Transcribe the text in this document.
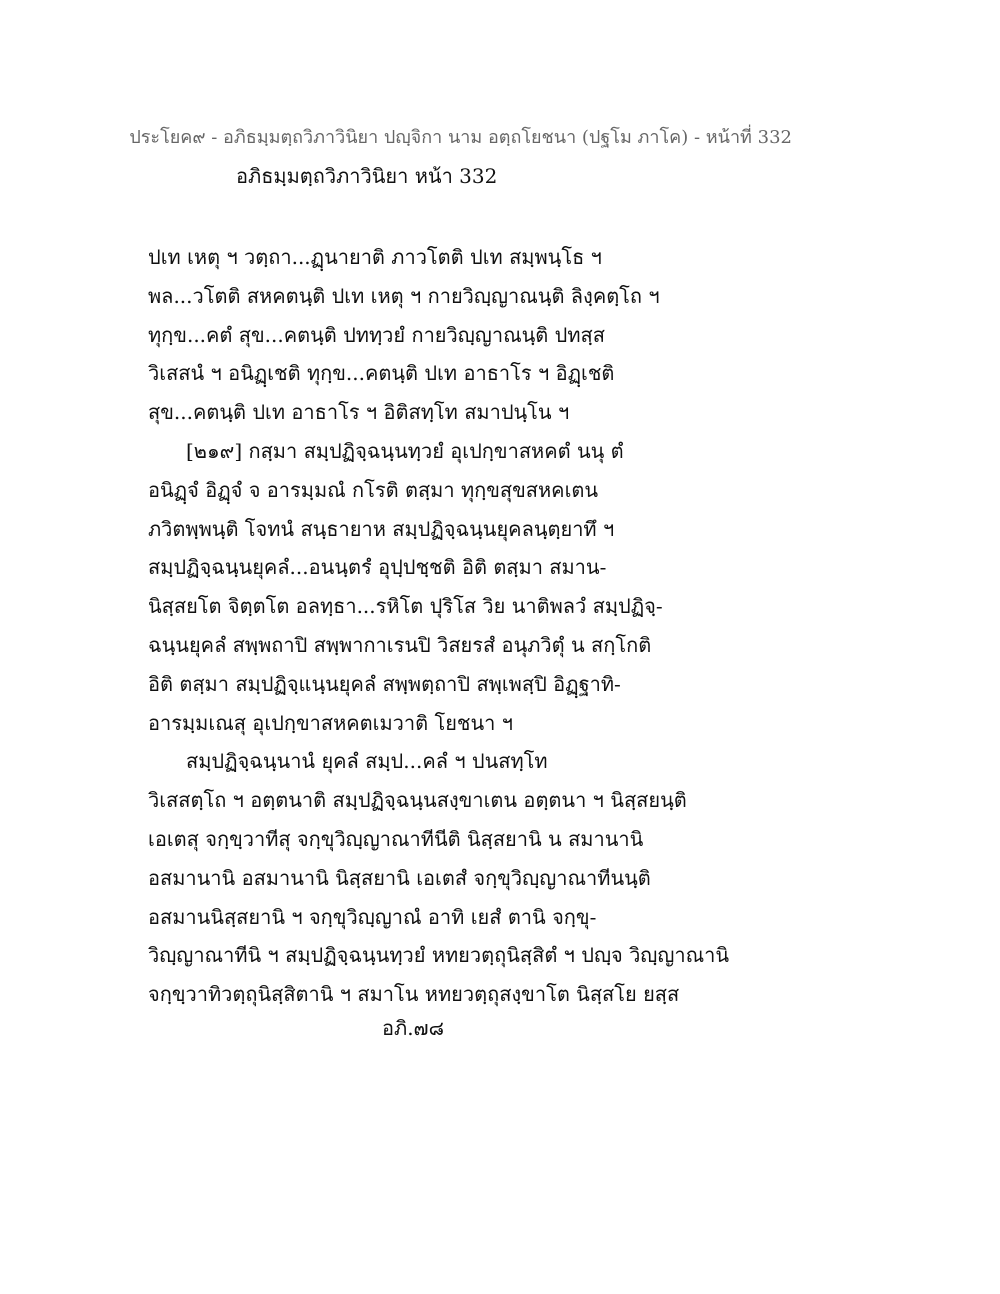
ประโยค๙ - อภิธมฺมตฺถวิภาวินิยา ปญฺจิกา นาม อตฺถโยชนา (ปฐโม ภาโค) - หน้าที่ 332
อภิธมฺมตฺถวิภาวินิยา หน้า 332
ปเท เหตุ ฯ วตฺถา...ฏฺนายาติ ภาวโตติ ปเท สมฺพนฺโธ ฯ
พล...วโตติ สหคตนฺติ ปเท เหตุ ฯ กายวิญฺญาณนฺติ ลิงฺคตฺโถ ฯ
ทุกฺข...คตํ สุข...คตนฺติ ปททฺวยํ กายวิญฺญาณนฺติ ปทสฺส
วิเสสนํ ฯ อนิฏฺเชติ ทุกฺข...คตนฺติ ปเท อาธาโร ฯ อิฏฺเชติ
สุข...คตนฺติ ปเท อาธาโร ฯ อิติสทฺโท สมาปนฺโน ฯ
[๒๑๙] กสฺมา สมฺปฏิจฺฉนฺนทฺวยํ อุเปกฺขาสหคตํ นนุ ตํ
อนิฏฺจํ อิฏฺจํ จ อารมฺมณํ กโรติ ตสฺมา ทุกฺขสุขสหคเตน
ภวิตพฺพนฺติ โจทนํ สนฺธายาห สมฺปฏิจฺฉนฺนยุคลนฺตฺยาทึ ฯ
สมฺปฏิจฺฉนฺนยุคลํ...อนนฺตรํ อุปฺปชฺชติ อิติ ตสฺมา สมาน-
นิสฺสยโต จิตฺตโต อลทฺธา...รหิโต ปุริโส วิย นาติพลวํ สมฺปฏิจฺ-
ฉนฺนยุคลํ สพฺพถาปิ สพฺพากาเรนปิ วิสยรสํ อนุภวิตุํ น สกฺโกติ
อิติ ตสฺมา สมฺปฏิจฺแนฺนยุคลํ สพฺพตฺถาปิ สพฺเพสฺปิ อิฏฺฐาทิ-
อารมฺมเณสุ อุเปกฺขาสหคตเมวาติ โยชนา ฯ
สมฺปฏิจฺฉนฺนานํ ยุคลํ สมฺป...คลํ ฯ ปนสทฺโท
วิเสสตฺโถ ฯ อตฺตนาติ สมฺปฏิจฺฉนฺนสงฺขาเตน อตฺตนา ฯ นิสฺสยนฺติ
เอเตสุ จกฺขฺวาทีสุ จกฺขุวิญฺญาณาทีนีติ นิสฺสยานิ น สมานานิ
อสมานานิ อสมานานิ นิสฺสยานิ เอเตสํ จกฺขุวิญฺญาณาทีนนฺติ
อสมานนิสฺสยานิ ฯ จกฺขุวิญฺญาณํ อาทิ เยสํ ตานิ จกฺขุ-
วิญฺญาณาทีนิ ฯ สมฺปฏิจฺฉนฺนทฺวยํ หทยวตฺถุนิสฺสิตํ ฯ ปญฺจ วิญฺญาณานิ
จกฺขฺวาทิวตฺถุนิสฺสิตานิ ฯ สมาโน หทยวตฺถุสงฺขาโต นิสฺสโย ยสฺส
อภิ.๗๘
